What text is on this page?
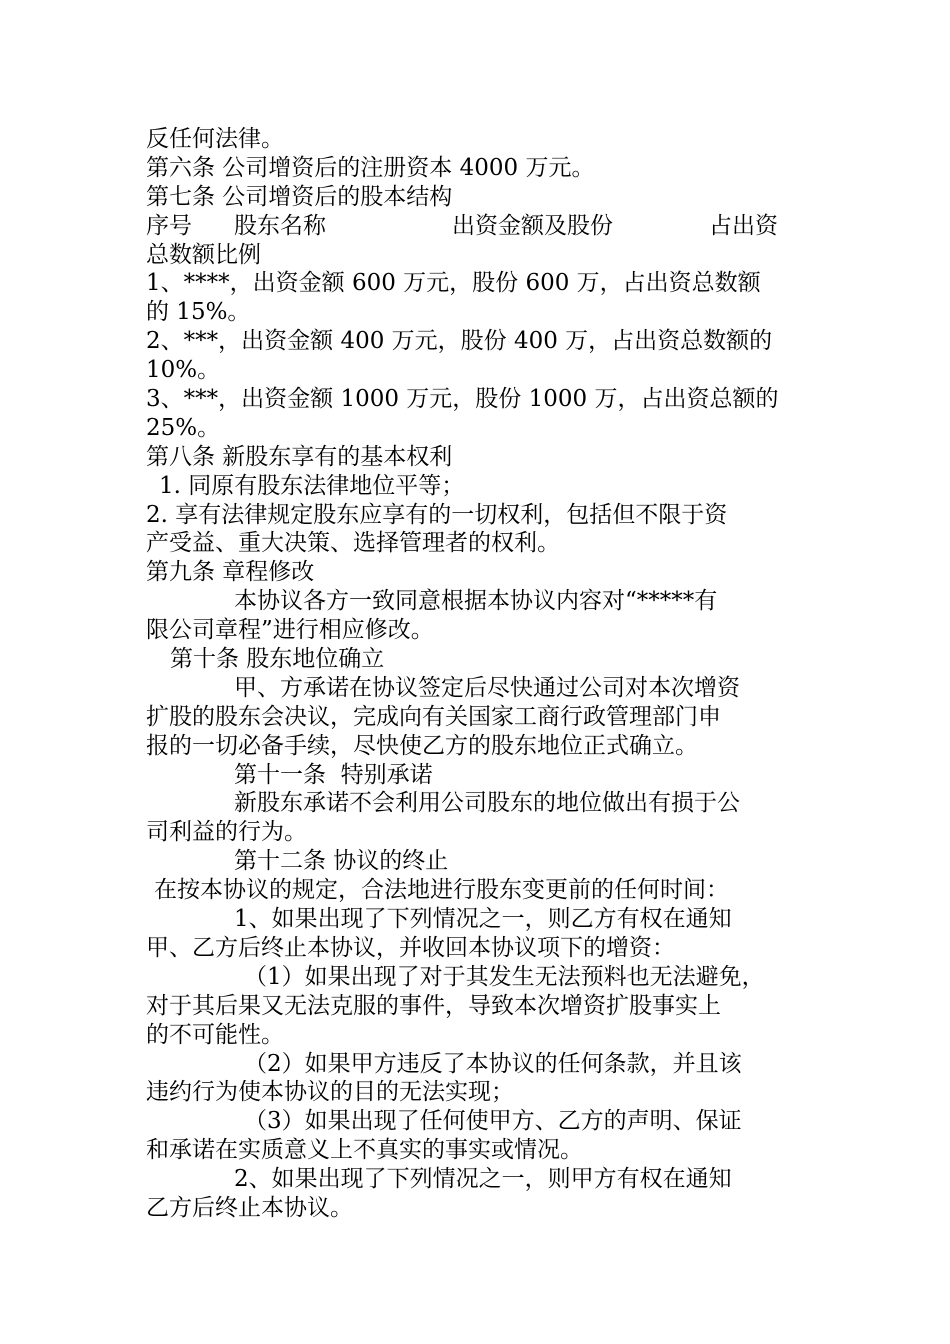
反任何法律。
第六条 公司增资后的注册资本 4000 万元。
第七条 公司增资后的股本结构
序号 股东名称	出资金额及股份	占出资
总数额比例
1、****，出资金额 600 万元，股份 600 万，占出资总数额
的 15%。
2、***，出资金额 400 万元，股份 400 万，占出资总数额的
10%。
3、***，出资金额 1000 万元，股份 1000 万，占出资总额的
25%。
第八条 新股东享有的基本权利
1. 同原有股东法律地位平等；
2. 享有法律规定股东应享有的一切权利，包括但不限于资
产受益、重大决策、选择管理者的权利。
第九条 章程修改
本协议各方一致同意根据本协议内容对“*****有
限公司章程”进行相应修改。
第十条 股东地位确立
甲、方承诺在协议签定后尽快通过公司对本次增资
扩股的股东会决议，完成向有关国家工商行政管理部门申
报的一切必备手续，尽快使乙方的股东地位正式确立。
第十一条  特别承诺
新股东承诺不会利用公司股东的地位做出有损于公
司利益的行为。
第十二条 协议的终止
在按本协议的规定，合法地进行股东变更前的任何时间：
1、如果出现了下列情况之一，则乙方有权在通知
甲、乙方后终止本协议，并收回本协议项下的增资：
（1）如果出现了对于其发生无法预料也无法避免，
对于其后果又无法克服的事件，导致本次增资扩股事实上
的不可能性。
（2）如果甲方违反了本协议的任何条款，并且该
违约行为使本协议的目的无法实现；
（3）如果出现了任何使甲方、乙方的声明、保证
和承诺在实质意义上不真实的事实或情况。
2、如果出现了下列情况之一，则甲方有权在通知
乙方后终止本协议。
